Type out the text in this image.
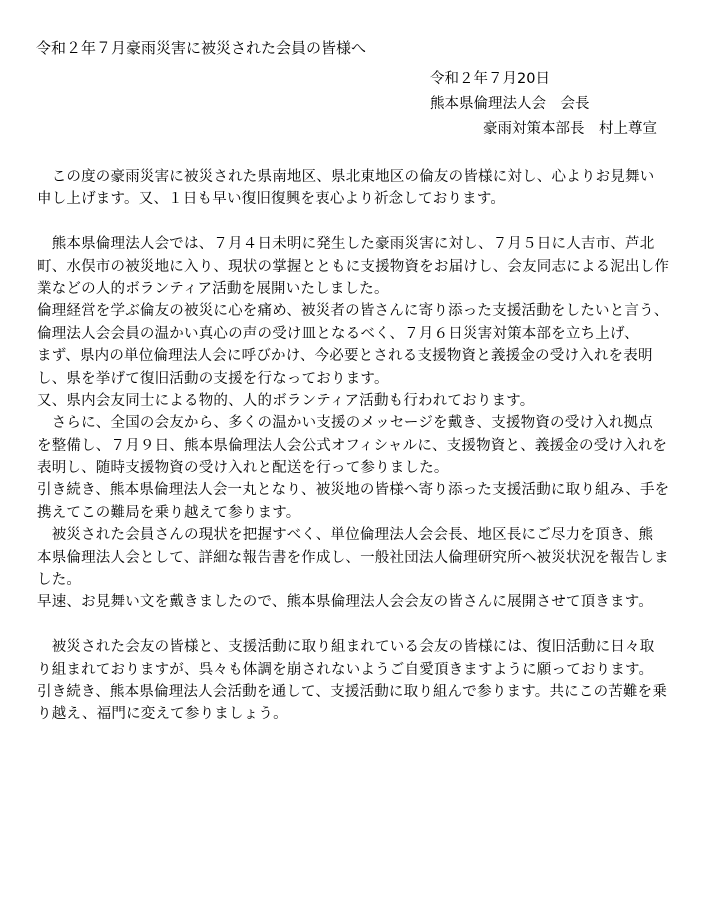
令和２年７月豪雨災害に被災された会員の皆様へ
令和２年７月20日
熊本県倫理法人会　会長
豪雨対策本部長　村上尊宣
　この度の豪雨災害に被災された県南地区、県北東地区の倫友の皆様に対し、心よりお見舞い
申し上げます。又、１日も早い復旧復興を衷心より祈念しております。
　熊本県倫理法人会では、７月４日未明に発生した豪雨災害に対し、７月５日に人吉市、芦北
町、水俣市の被災地に入り、現状の掌握とともに支援物資をお届けし、会友同志による泥出し作
業などの人的ボランティア活動を展開いたしました。
倫理経営を学ぶ倫友の被災に心を痛め、被災者の皆さんに寄り添った支援活動をしたいと言う、
倫理法人会会員の温かい真心の声の受け皿となるべく、７月６日災害対策本部を立ち上げ、
まず、県内の単位倫理法人会に呼びかけ、今必要とされる支援物資と義援金の受け入れを表明
し、県を挙げて復旧活動の支援を行なっております。
又、県内会友同士による物的、人的ボランティア活動も行われております。
　さらに、全国の会友から、多くの温かい支援のメッセージを戴き、支援物資の受け入れ拠点
を整備し、７月９日、熊本県倫理法人会公式オフィシャルに、支援物資と、義援金の受け入れを
表明し、随時支援物資の受け入れと配送を行って参りました。
引き続き、熊本県倫理法人会一丸となり、被災地の皆様へ寄り添った支援活動に取り組み、手を
携えてこの難局を乗り越えて参ります。
　被災された会員さんの現状を把握すべく、単位倫理法人会会長、地区長にご尽力を頂き、熊
本県倫理法人会として、詳細な報告書を作成し、一般社団法人倫理研究所へ被災状況を報告しま
した。
早速、お見舞い文を戴きましたので、熊本県倫理法人会会友の皆さんに展開させて頂きます。
　被災された会友の皆様と、支援活動に取り組まれている会友の皆様には、復旧活動に日々取
り組まれておりますが、呉々も体調を崩されないようご自愛頂きますように願っております。
引き続き、熊本県倫理法人会活動を通して、支援活動に取り組んで参ります。共にこの苦難を乗
り越え、福門に変えて参りましょう。
